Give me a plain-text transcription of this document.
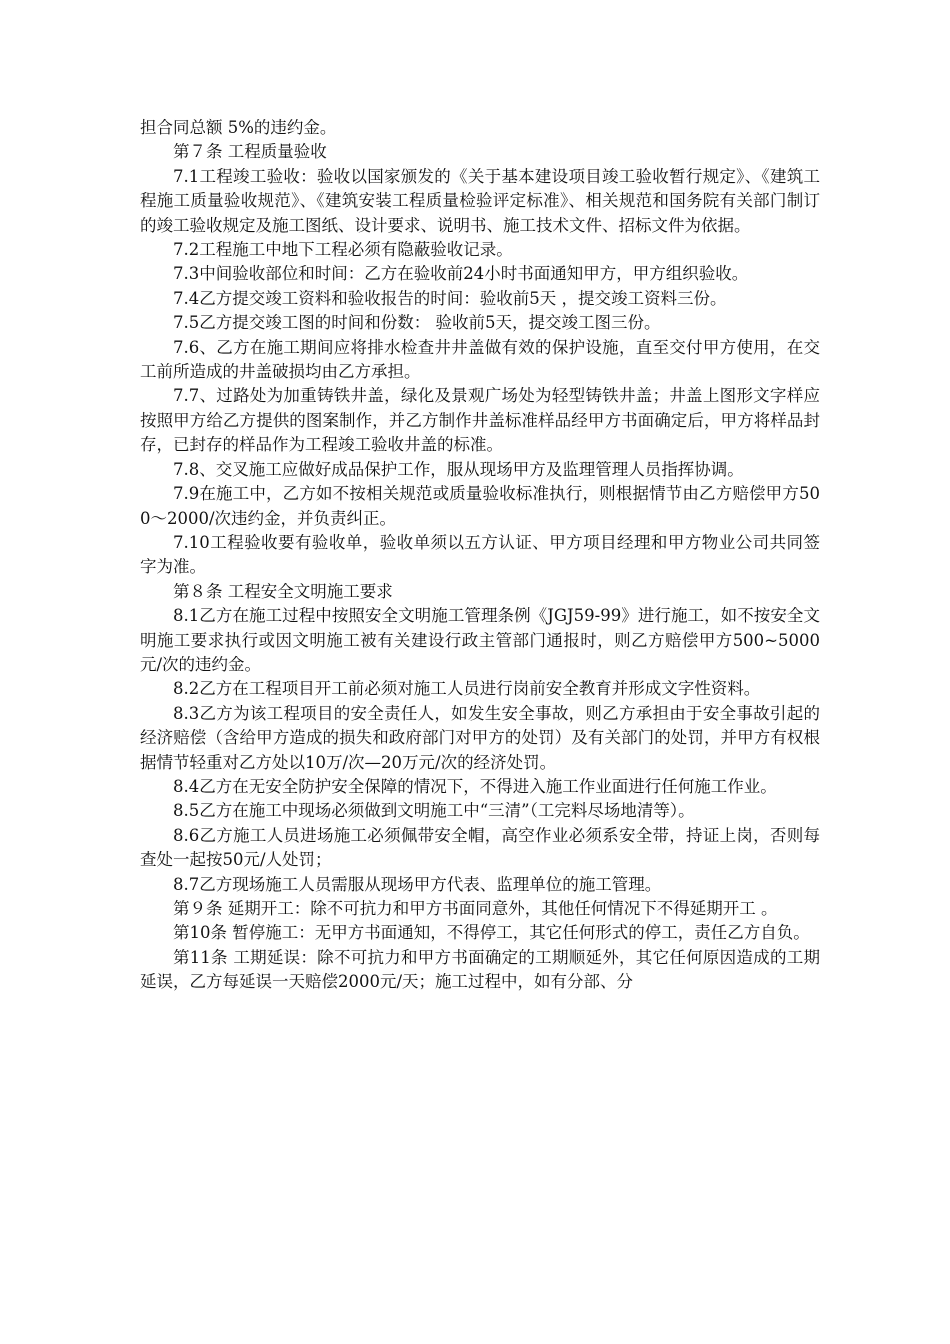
担合同总额 5%的违约金。

第７条 工程质量验收

7.1工程竣工验收：验收以国家颁发的《关于基本建设项目竣工验收暂行规定》、《建筑工程施工质量验收规范》、《建筑安装工程质量检验评定标准》、相关规范和国务院有关部门制订的竣工验收规定及施工图纸、设计要求、说明书、施工技术文件、招标文件为依据。

7.2工程施工中地下工程必须有隐蔽验收记录。

7.3中间验收部位和时间：乙方在验收前24小时书面通知甲方，甲方组织验收。

7.4乙方提交竣工资料和验收报告的时间：验收前5天 ，提交竣工资料三份。

7.5乙方提交竣工图的时间和份数： 验收前5天，提交竣工图三份。

7.6、乙方在施工期间应将排水检查井井盖做有效的保护设施，直至交付甲方使用，在交工前所造成的井盖破损均由乙方承担。

7.7、过路处为加重铸铁井盖，绿化及景观广场处为轻型铸铁井盖；井盖上图形文字样应按照甲方给乙方提供的图案制作，并乙方制作井盖标准样品经甲方书面确定后，甲方将样品封存，已封存的样品作为工程竣工验收井盖的标准。

7.8、交叉施工应做好成品保护工作，服从现场甲方及监理管理人员指挥协调。

7.9在施工中，乙方如不按相关规范或质量验收标准执行，则根据情节由乙方赔偿甲方500～2000/次违约金，并负责纠正。

7.10工程验收要有验收单，验收单须以五方认证、甲方项目经理和甲方物业公司共同签字为准。

第８条 工程安全文明施工要求

8.1乙方在施工过程中按照安全文明施工管理条例《JGJ59-99》进行施工，如不按安全文明施工要求执行或因文明施工被有关建设行政主管部门通报时，则乙方赔偿甲方500~5000元/次的违约金。

8.2乙方在工程项目开工前必须对施工人员进行岗前安全教育并形成文字性资料。

8.3乙方为该工程项目的安全责任人，如发生安全事故，则乙方承担由于安全事故引起的经济赔偿（含给甲方造成的损失和政府部门对甲方的处罚）及有关部门的处罚，并甲方有权根据情节轻重对乙方处以10万/次—20万元/次的经济处罚。

8.4乙方在无安全防护安全保障的情况下，不得进入施工作业面进行任何施工作业。

8.5乙方在施工中现场必须做到文明施工中“三清”（工完料尽场地清等）。

8.6乙方施工人员进场施工必须佩带安全帽，高空作业必须系安全带，持证上岗，否则每查处一起按50元/人处罚；

8.7乙方现场施工人员需服从现场甲方代表、监理单位的施工管理。

第９条 延期开工：除不可抗力和甲方书面同意外，其他任何情况下不得延期开工 。

第10条 暂停施工：无甲方书面通知，不得停工，其它任何形式的停工，责任乙方自负。

第11条 工期延误：除不可抗力和甲方书面确定的工期顺延外，其它任何原因造成的工期延误，乙方每延误一天赔偿2000元/天；施工过程中，如有分部、分
